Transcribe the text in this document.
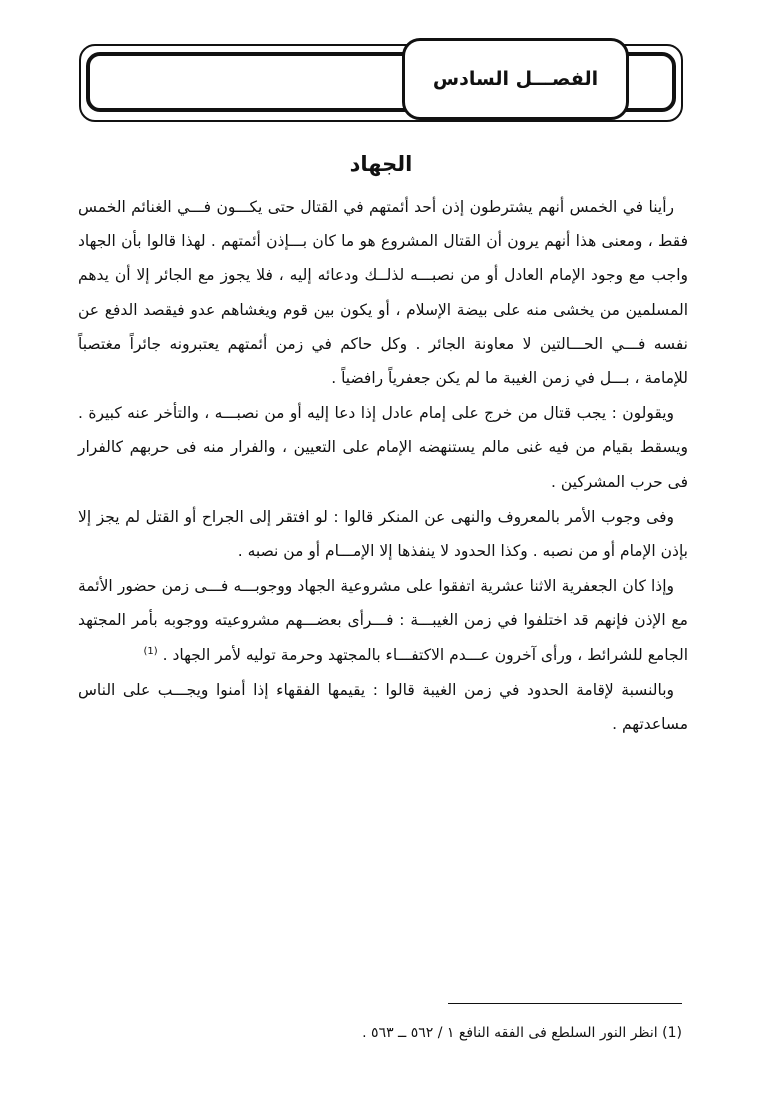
الفصـــل السادس
الجهاد

رأينا في الخمس أنهم يشترطون إذن أحد أئمتهم في القتال حتى يكـــون فـــي الغنائم الخمس فقط ، ومعنى هذا أنهم يرون أن القتال المشروع هو ما كان بـــإذن أئمتهم . لهذا قالوا بأن الجهاد واجب مع وجود الإمام العادل أو من نصبـــه لذلــك ودعائه إليه ، فلا يجوز مع الجائر إلا أن يدهم المسلمين من يخشى منه على بيضة الإسلام ، أو يكون بين قوم ويغشاهم عدو فيقصد الدفع عن نفسه فـــي الحـــالتين لا معاونة الجائر . وكل حاكم في زمن أئمتهم يعتبرونه جائراً مغتصباً للإمامة ، بـــل في زمن الغيبة ما لم يكن جعفرياً رافضياً .

ويقولون : يجب قتال من خرج على إمام عادل إذا دعا إليه أو من نصبـــه ، والتأخر عنه كبيرة . ويسقط بقيام من فيه غنى مالم يستنهضه الإمام على التعيين ، والفرار منه فى حربهم كالفرار فى حرب المشركين .

وفى وجوب الأمر بالمعروف والنهى عن المنكر قالوا : لو افتقر إلى الجراح أو القتل لم يجز إلا بإذن الإمام أو من نصبه . وكذا الحدود لا ينفذها إلا الإمـــام أو من نصبه .

وإذا كان الجعفرية الاثنا عشرية اتفقوا على مشروعية الجهاد ووجوبـــه فـــى زمن حضور الأئمة مع الإذن فإنهم قد اختلفوا في زمن الغيبـــة : فـــرأى بعضـــهم مشروعيته ووجوبه بأمر المجتهد الجامع للشرائط ، ورأى آخرون عـــدم الاكتفـــاء بالمجتهد وحرمة توليه لأمر الجهاد . $^{(1)}$

وبالنسبة لإقامة الحدود في زمن الغيبة قالوا : يقيمها الفقهاء إذا أمنوا ويجـــب على الناس مساعدتهم .

(1) انظر النور السلطع فى الفقه النافع ١ / ٥٦٢ ــ ٥٦٣ .
